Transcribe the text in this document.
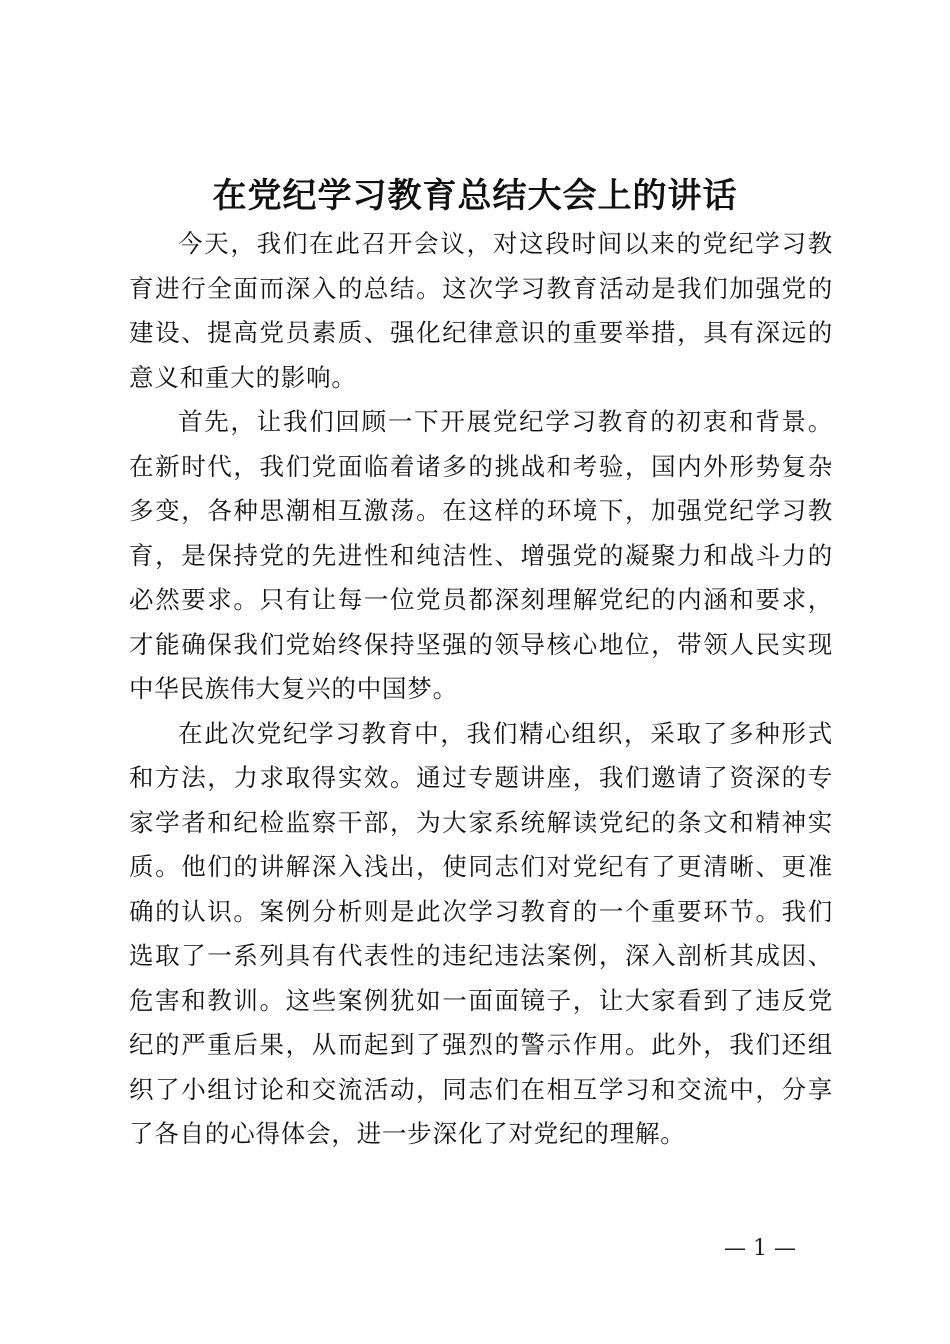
在党纪学习教育总结大会上的讲话

今天，我们在此召开会议，对这段时间以来的党纪学习教育进行全面而深入的总结。这次学习教育活动是我们加强党的建设、提高党员素质、强化纪律意识的重要举措，具有深远的意义和重大的影响。

首先，让我们回顾一下开展党纪学习教育的初衷和背景。在新时代，我们党面临着诸多的挑战和考验，国内外形势复杂多变，各种思潮相互激荡。在这样的环境下，加强党纪学习教育，是保持党的先进性和纯洁性、增强党的凝聚力和战斗力的必然要求。只有让每一位党员都深刻理解党纪的内涵和要求，才能确保我们党始终保持坚强的领导核心地位，带领人民实现中华民族伟大复兴的中国梦。

在此次党纪学习教育中，我们精心组织，采取了多种形式和方法，力求取得实效。通过专题讲座，我们邀请了资深的专家学者和纪检监察干部，为大家系统解读党纪的条文和精神实质。他们的讲解深入浅出，使同志们对党纪有了更清晰、更准确的认识。案例分析则是此次学习教育的一个重要环节。我们选取了一系列具有代表性的违纪违法案例，深入剖析其成因、危害和教训。这些案例犹如一面面镜子，让大家看到了违反党纪的严重后果，从而起到了强烈的警示作用。此外，我们还组织了小组讨论和交流活动，同志们在相互学习和交流中，分享了各自的心得体会，进一步深化了对党纪的理解。

— 1 —
